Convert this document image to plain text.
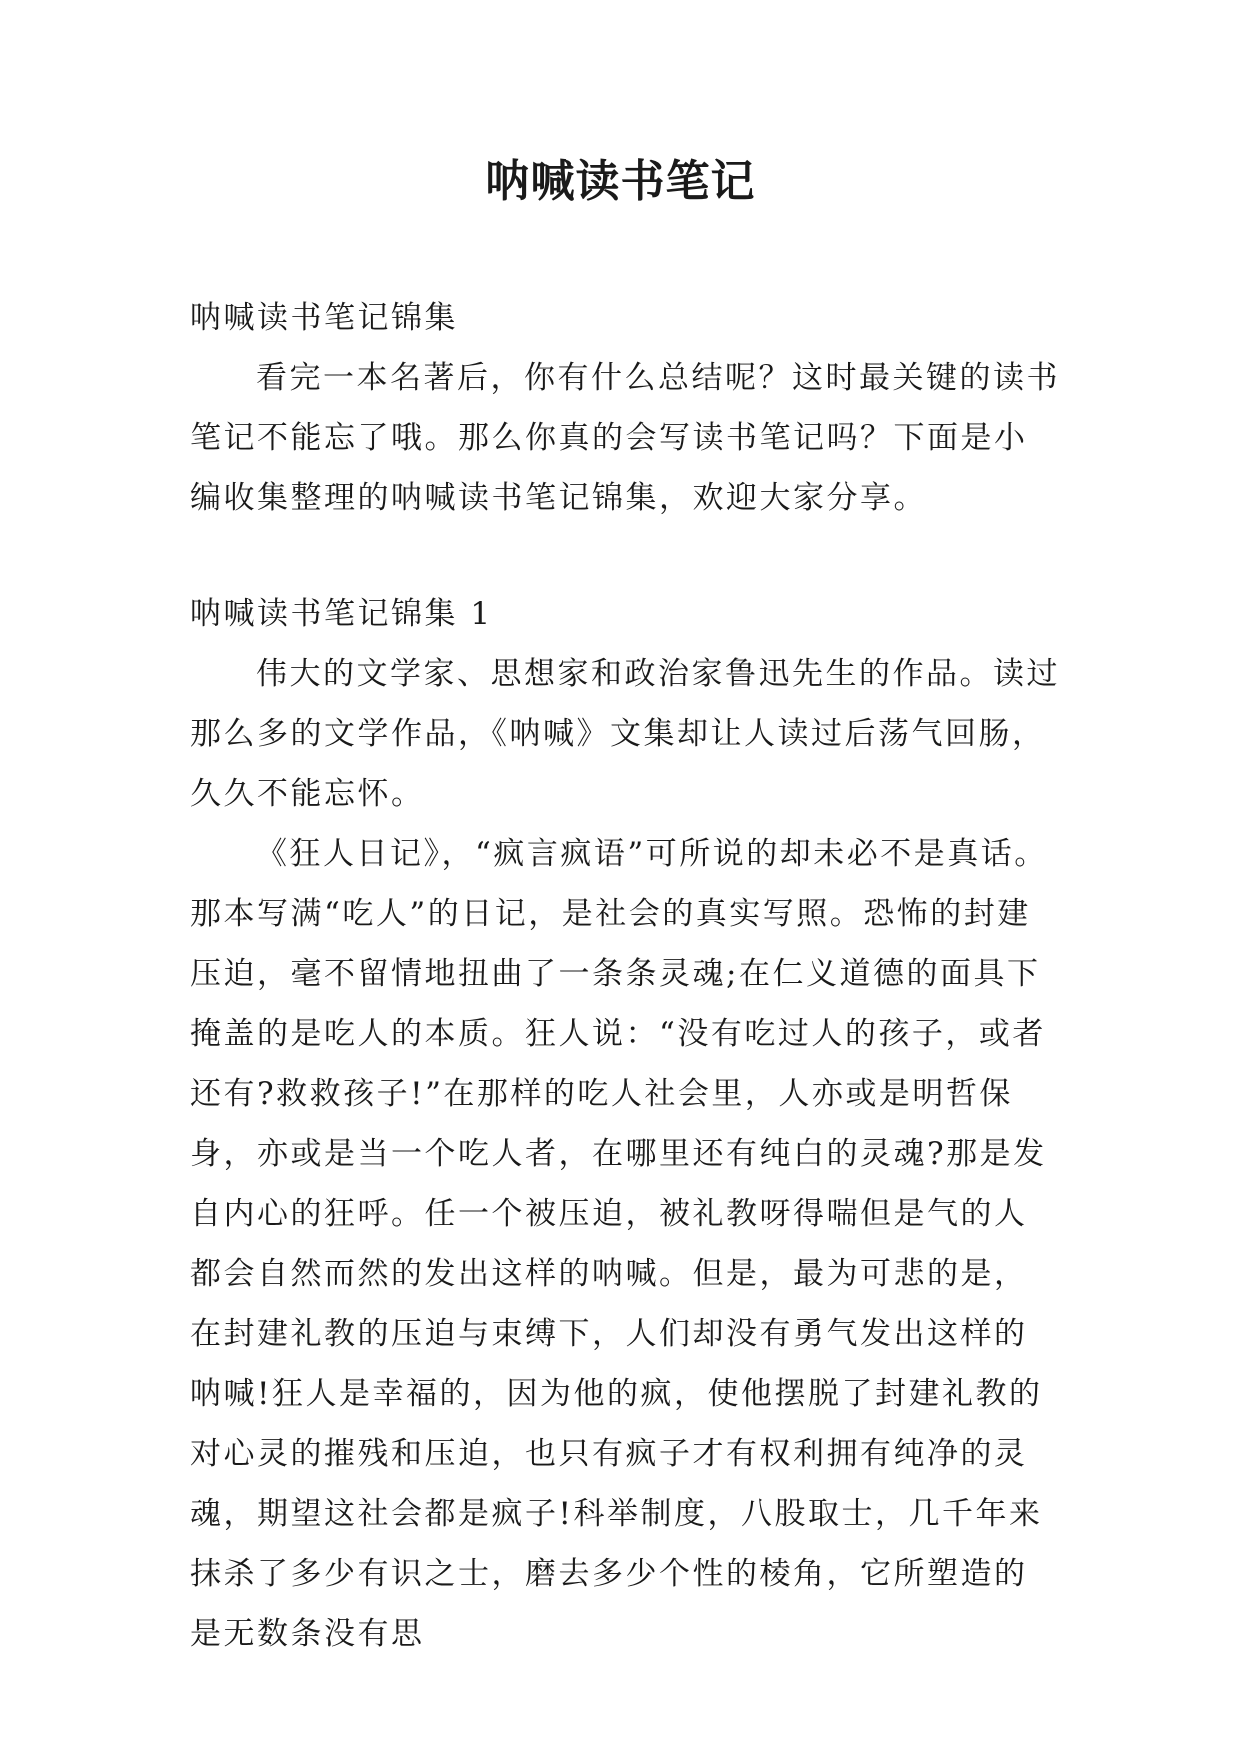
呐喊读书笔记

呐喊读书笔记锦集

看完一本名著后，你有什么总结呢？这时最关键的读书笔记不能忘了哦。那么你真的会写读书笔记吗？下面是小编收集整理的呐喊读书笔记锦集，欢迎大家分享。

呐喊读书笔记锦集 1

伟大的文学家、思想家和政治家鲁迅先生的作品。读过那么多的文学作品，《呐喊》文集却让人读过后荡气回肠，久久不能忘怀。

《狂人日记》，“疯言疯语”可所说的却未必不是真话。那本写满“吃人”的日记，是社会的真实写照。恐怖的封建压迫，毫不留情地扭曲了一条条灵魂;在仁义道德的面具下掩盖的是吃人的本质。狂人说：“没有吃过人的孩子，或者还有?救救孩子!”在那样的吃人社会里，人亦或是明哲保身，亦或是当一个吃人者，在哪里还有纯白的灵魂?那是发自内心的狂呼。任一个被压迫，被礼教呀得喘但是气的人都会自然而然的发出这样的呐喊。但是，最为可悲的是，在封建礼教的压迫与束缚下，人们却没有勇气发出这样的呐喊!狂人是幸福的，因为他的疯，使他摆脱了封建礼教的对心灵的摧残和压迫，也只有疯子才有权利拥有纯净的灵魂，期望这社会都是疯子!科举制度，八股取士，几千年来抹杀了多少有识之士，磨去多少个性的棱角，它所塑造的是无数条没有思
